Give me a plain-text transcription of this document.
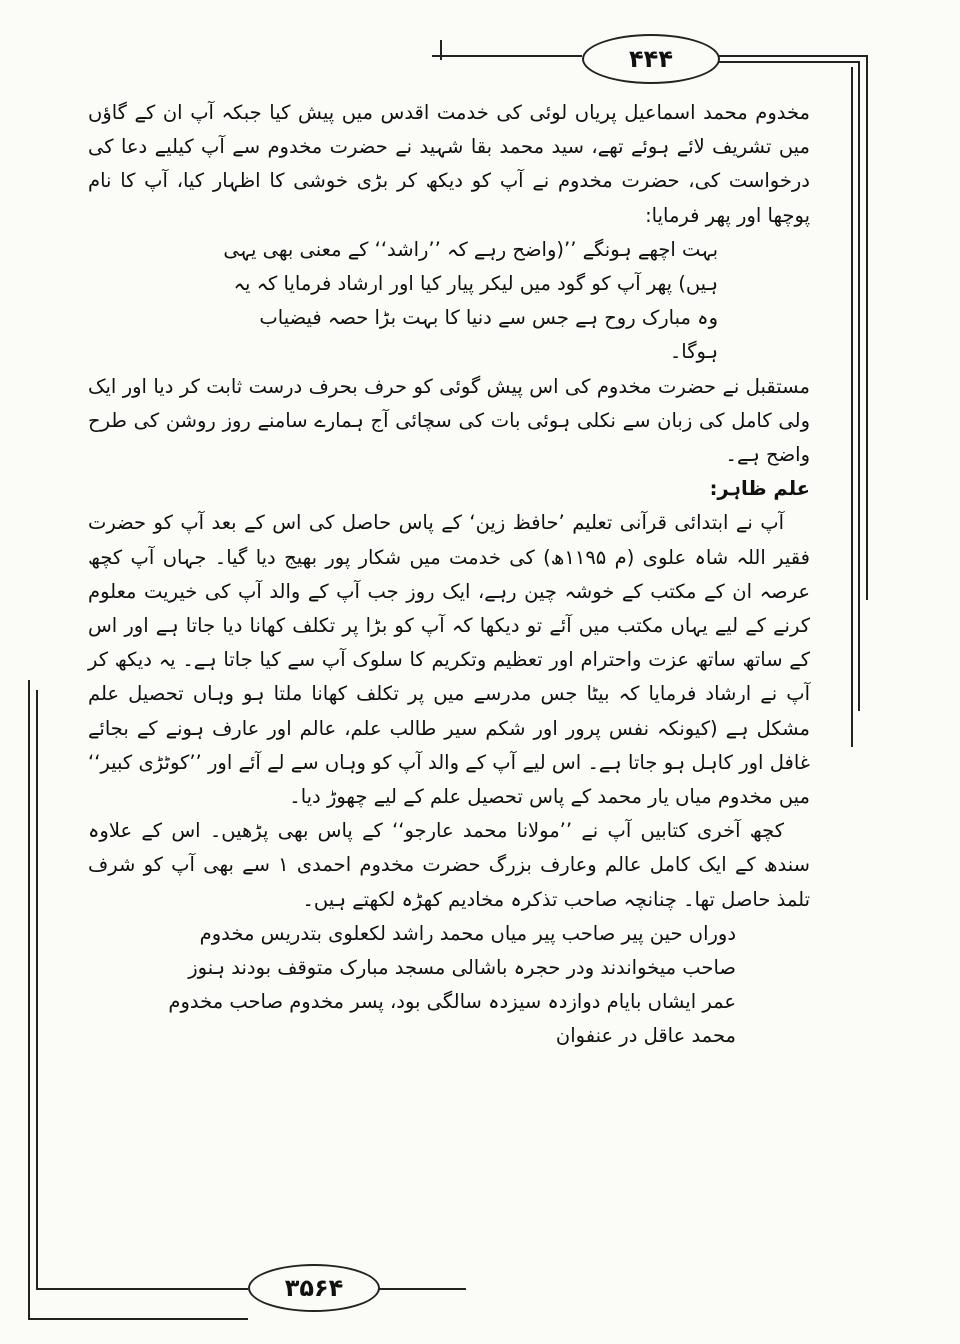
۴۴۴
۳۵۶۴

مخدوم محمد اسماعیل پریاں لوئی کی خدمت اقدس میں پیش کیا جبکہ آپ ان کے گاؤں میں تشریف لائے ہوئے تھے، سید محمد بقا شہید نے حضرت مخدوم سے آپ کیلیے دعا کی درخواست کی، حضرت مخدوم نے آپ کو دیکھ کر بڑی خوشی کا اظہار کیا، آپ کا نام پوچھا اور پھر فرمایا:

بہت اچھے ہونگے ’’(واضح رہے کہ ’’راشد‘‘ کے معنی بھی یہی ہیں) پھر آپ کو گود میں لیکر پیار کیا اور ارشاد فرمایا کہ یہ وہ مبارک روح ہے جس سے دنیا کا بہت بڑا حصہ فیضیاب ہوگا۔

مستقبل نے حضرت مخدوم کی اس پیش گوئی کو حرف بحرف درست ثابت کر دیا اور ایک ولی کامل کی زبان سے نکلی ہوئی بات کی سچائی آج ہمارے سامنے روز روشن کی طرح واضح ہے۔

علم ظاہر:

آپ نے ابتدائی قرآنی تعلیم ’حافظ زین‘ کے پاس حاصل کی اس کے بعد آپ کو حضرت فقیر اللہ شاہ علوی (م ۱۱۹۵ھ) کی خدمت میں شکار پور بھیج دیا گیا۔ جہاں آپ کچھ عرصہ ان کے مکتب کے خوشہ چین رہے، ایک روز جب آپ کے والد آپ کی خیریت معلوم کرنے کے لیے یہاں مکتب میں آئے تو دیکھا کہ آپ کو بڑا پر تکلف کھانا دیا جاتا ہے اور اس کے ساتھ ساتھ عزت واحترام اور تعظیم وتکریم کا سلوک آپ سے کیا جاتا ہے۔ یہ دیکھ کر آپ نے ارشاد فرمایا کہ بیٹا جس مدرسے میں پر تکلف کھانا ملتا ہو وہاں تحصیل علم مشکل ہے (کیونکہ نفس پرور اور شکم سیر طالب علم، عالم اور عارف ہونے کے بجائے غافل اور کاہل ہو جاتا ہے۔ اس لیے آپ کے والد آپ کو وہاں سے لے آئے اور ’’کوٹڑی کبیر‘‘ میں مخدوم میاں یار محمد کے پاس تحصیل علم کے لیے چھوڑ دیا۔

کچھ آخری کتابیں آپ نے ’’مولانا محمد عارجو‘‘ کے پاس بھی پڑھیں۔ اس کے علاوہ سندھ کے ایک کامل عالم وعارف بزرگ حضرت مخدوم احمدی ۱ سے بھی آپ کو شرف تلمذ حاصل تھا۔ چنانچہ صاحب تذکرہ مخادیم کھڑہ لکھتے ہیں۔

دوراں حین پیر صاحب پیر میاں محمد راشد لکعلوی بتدریس مخدوم صاحب میخواندند ودر حجرہ باشالی مسجد مبارک متوقف بودند ہنوز عمر ایشاں بایام دوازدہ سیزدہ سالگی بود، پسر مخدوم صاحب مخدوم محمد عاقل در عنفوان
